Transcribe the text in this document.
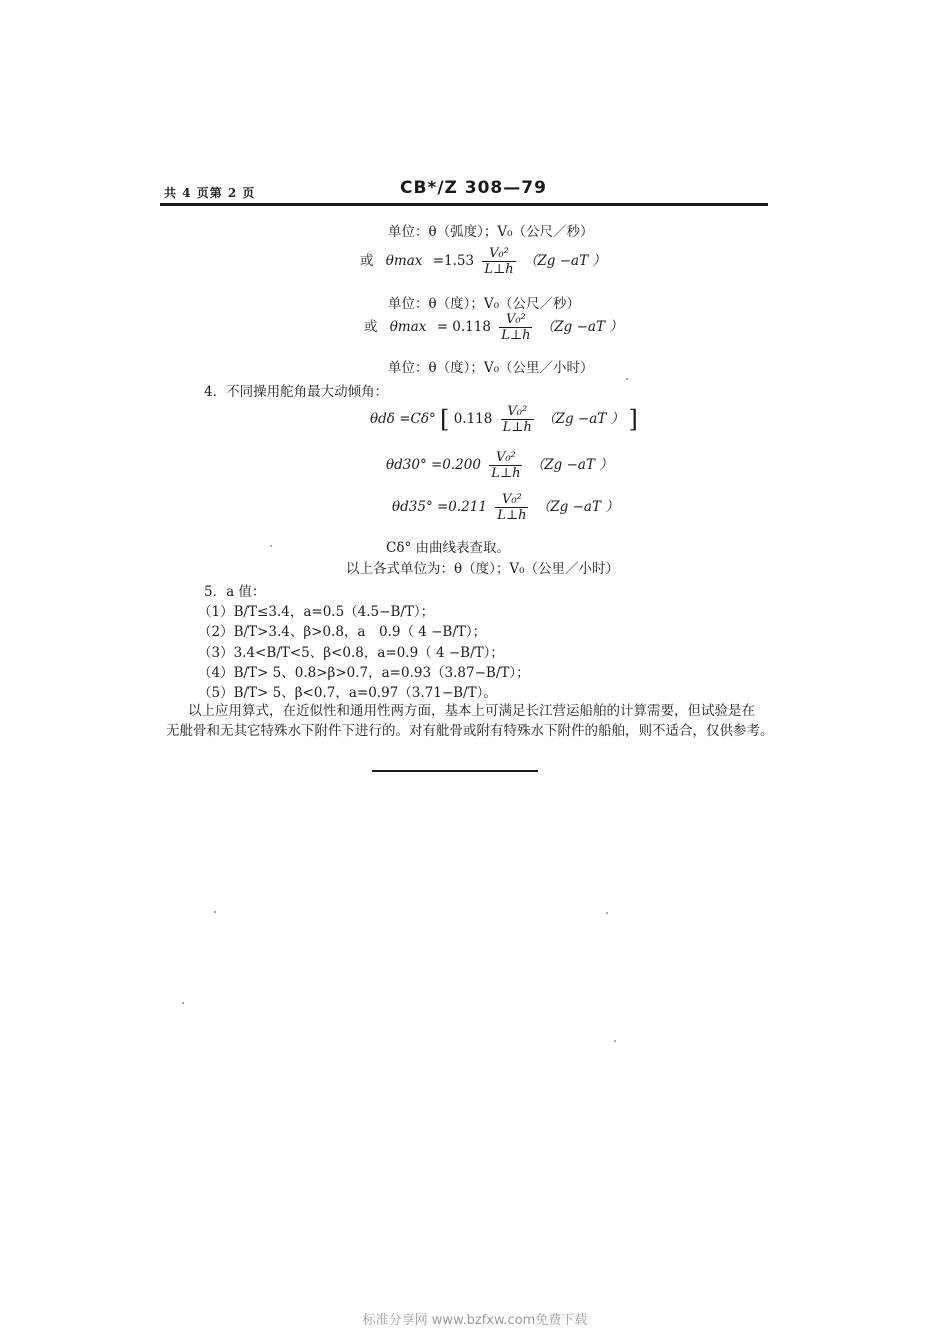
共 4 页第 2 页	CB*/Z 308—79
单位：θ（弧度）；V₀（公尺／秒）
或 $\theta\max =1.53 \frac{\text{V₀²}}{L\perp h} (Zg -aT$ ）
单位：θ（度）；V₀（公尺／秒）
或 $\theta\max = 0.118 \frac{\text{V₀²}}{L\perp h} (Zg -aT$ ）
单位：θ（度）；V₀（公里／小时）
4．不同操用舵角最大动倾角：
θdδ =Cδ° [ $0.118 \frac{\text{V₀²}}{L\perp h} (Zg -aT$ ） ]
$\theta d30^\circ =0.200 \frac{\text{V₀²}}{L\perp h} (Zg -aT$ ）
$\theta d35^\circ =0.211 \frac{\text{V₀²}}{L\perp h} (Zg -aT$ ）
Cδ° 由曲线表查取。
以上各式单位为：θ（度）；V₀（公里／小时）
5．a 值：
（1）B/T≤3.4，a=0.5（4.5−B/T）；
（2）B/T>3.4、β>0.8，a　0.9（ 4 −B/T）；
（3）3.4<B/T<5、β<0.8，a=0.9（ 4 −B/T）；
（4）B/T> 5、0.8>β>0.7，a=0.93（3.87−B/T）；
（5）B/T> 5、β<0.7，a=0.97（3.71−B/T）。
以上应用算式，在近似性和通用性两方面，基本上可满足长江营运船舶的计算需要，但试验是在
无舭骨和无其它特殊水下附件下进行的。对有舭骨或附有特殊水下附件的船舶，则不适合，仅供参考。
标准分享网 www.bzfxw.com免费下载
